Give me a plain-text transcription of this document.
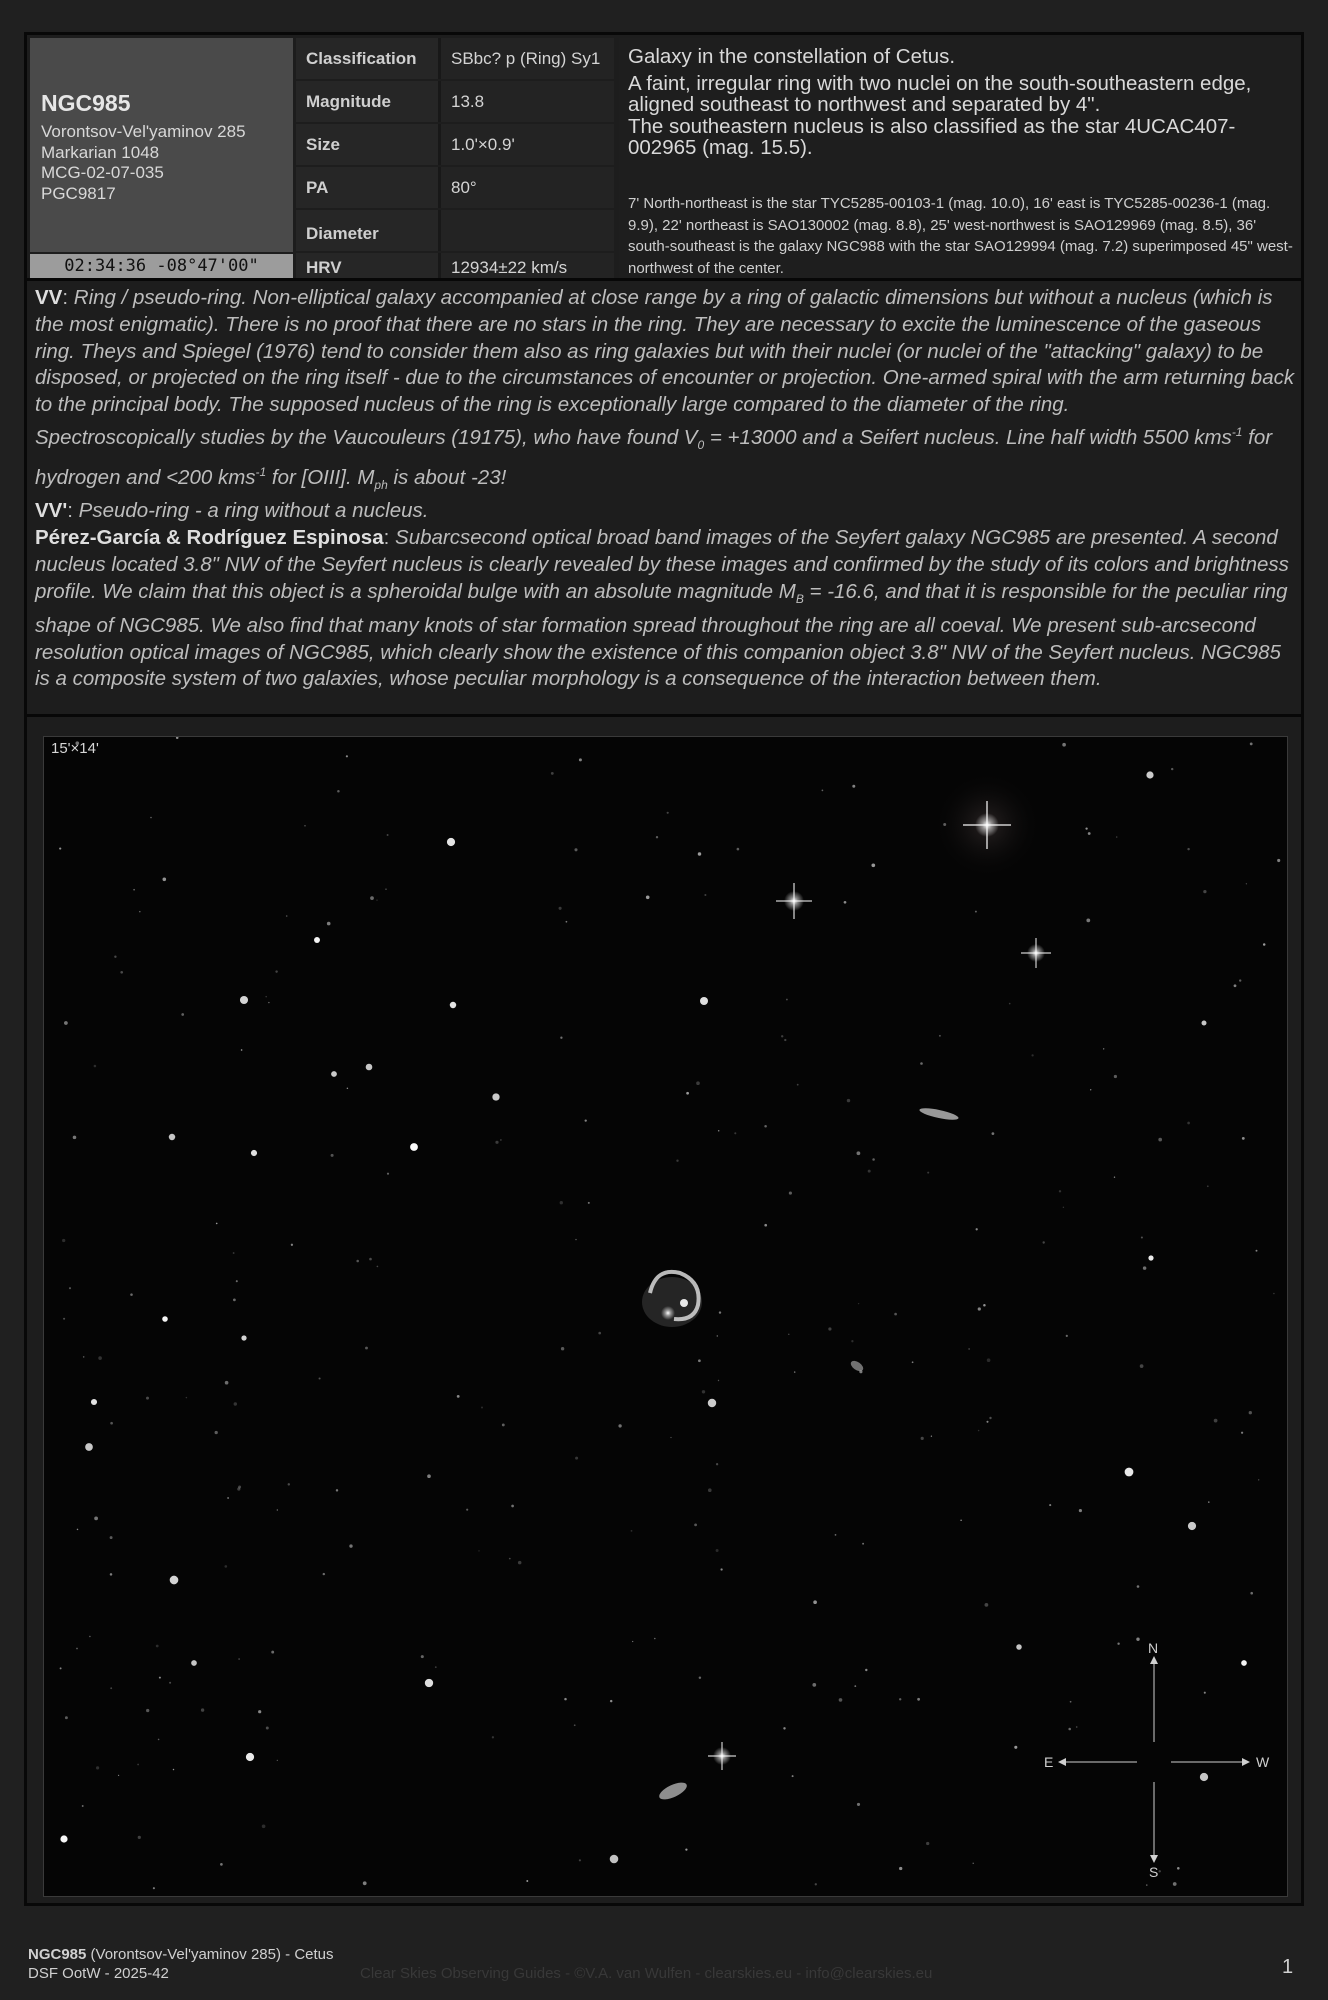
NGC985
Vorontsov-Vel'yaminov 285
Markarian 1048
MCG-02-07-035
PGC9817
02:34:36 -08°47'00"
Classification	SBbc? p (Ring) Sy1
Magnitude	13.8
Size	1.0'×0.9'
PA	80°
Diameter
HRV	12934±22 km/s

Galaxy in the constellation of Cetus.

A faint, irregular ring with two nuclei on the south-southeastern edge, aligned southeast to northwest and separated by 4".

The southeastern nucleus is also classified as the star 4UCAC407-002965 (mag. 15.5).

7' North-northeast is the star TYC5285-00103-1 (mag. 10.0), 16' east is TYC5285-00236-1 (mag. 9.9), 22' northeast is SAO130002 (mag. 8.8), 25' west-northwest is SAO129969 (mag. 8.5), 36' south-southeast is the galaxy NGC988 with the star SAO129994 (mag. 7.2) superimposed 45" west-northwest of the center.
VV: Ring / pseudo-ring. Non-elliptical galaxy accompanied at close range by a ring of galactic dimensions but without a nucleus (which is the most enigmatic). There is no proof that there are no stars in the ring. They are necessary to excite the luminescence of the gaseous ring. Theys and Spiegel (1976) tend to consider them also as ring galaxies but with their nuclei (or nuclei of the "attacking" galaxy) to be disposed, or projected on the ring itself - due to the circumstances of encounter or projection. One-armed spiral with the arm returning back to the principal body. The supposed nucleus of the ring is exceptionally large compared to the diameter of the ring.
Spectroscopically studies by the Vaucouleurs (19175), who have found $V_0 = +13000$ and a Seifert nucleus. Line half width 5500 kms$^{-1}$ for hydrogen and <200 kms$^{-1}$ for [OIII]. $M_{ph}$ is about -23!
VV': Pseudo-ring - a ring without a nucleus.
Pérez-García & Rodríguez Espinosa: Subarcsecond optical broad band images of the Seyfert galaxy NGC985 are presented. A second nucleus located 3.8" NW of the Seyfert nucleus is clearly revealed by these images and confirmed by the study of its colors and brightness profile. We claim that this object is a spheroidal bulge with an absolute magnitude $M_B = -16.6$, and that it is responsible for the peculiar ring shape of NGC985. We also find that many knots of star formation spread throughout the ring are all coeval. We present sub-arcsecond resolution optical images of NGC985, which clearly show the existence of this companion object 3.8" NW of the Seyfert nucleus. NGC985 is a composite system of two galaxies, whose peculiar morphology is a consequence of the interaction between them.
15'×14'
N
S
E	W
NGC985 (Vorontsov-Vel'yaminov 285) - Cetus
DSF OotW - 2025-42	Clear Skies Observing Guides - ©V.A. van Wulfen - clearskies.eu - info@clearskies.eu	1
